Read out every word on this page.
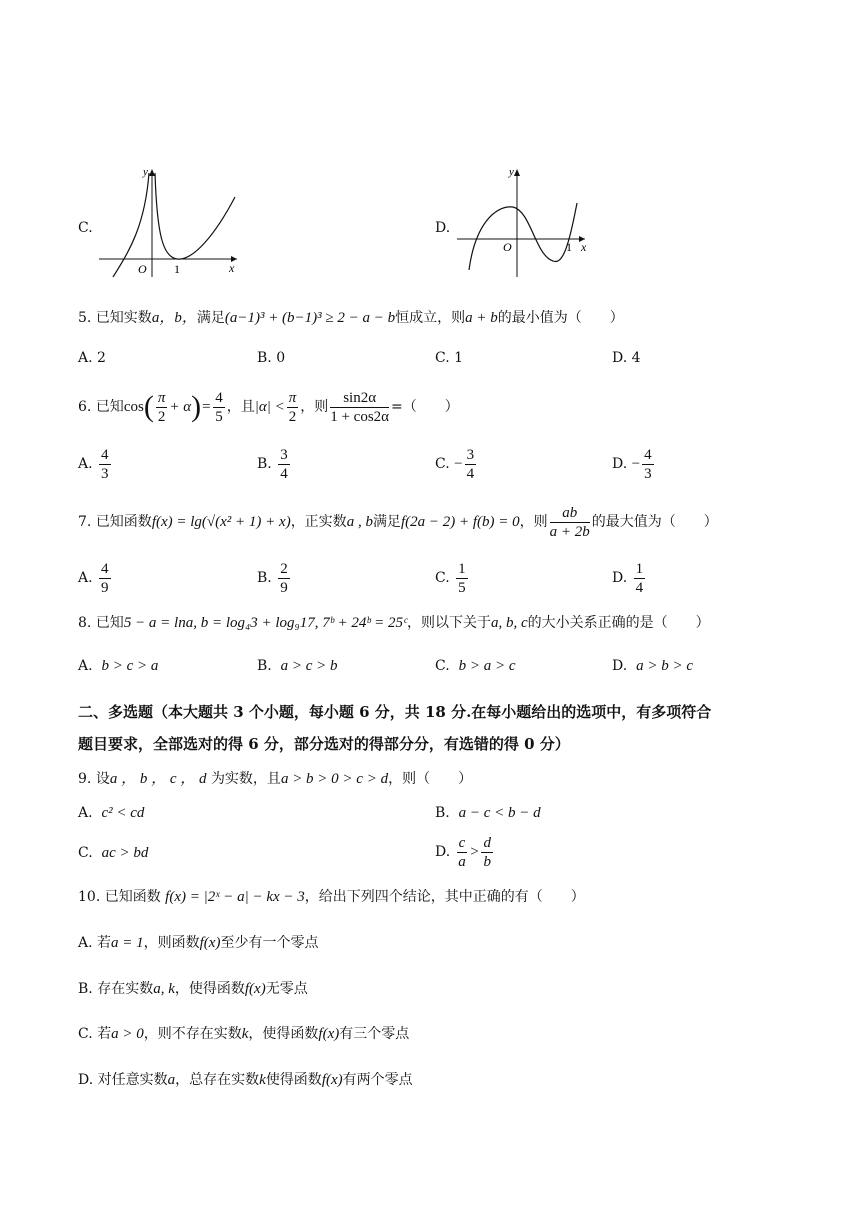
C.
y
x
O 1
D.
y
x
O	1
5. 已知实数a，b，满足(a−1)³ + (b−1)³ ≥ 2 − a − b恒成立，则a + b的最小值为（　　）
A. 2	B. 0	C. 1	D. 4
6.
已知 cos ( $\frac{\pi}{2} + \alpha$ ) = $\frac{4}{5}$ ，且 $|\alpha| < \frac{\pi}{2}$ ，则 $\frac{\sin 2\alpha}{1 + \cos 2\alpha}$ =（　　）
A.
$\frac{4}{3}$	B.
$\frac{3}{4}$	C.
− $\frac{3}{4}$	D.
− $\frac{4}{3}$
7.
已知函数 f(x) = lg(√(x² + 1) + x) ，正实数 a , b 满足 f(2a − 2) + f(b) = 0 ，则 $\frac{ab}{a + 2b}$ 的最大值为（　　）
A.
$\frac{4}{9}$	B.
$\frac{2}{9}$	C.
$\frac{1}{5}$	D.
$\frac{1}{4}$
8. 已知5 − a = lna, b = log₄3 + log₉17, 7ᵇ + 24ᵇ = 25ᶜ，则以下关于a, b, c的大小关系正确的是（　　）
A. b > c > a	B. a > c > b	C. b > a > c	D. a > b > c
二、多选题（本大题共 3 个小题，每小题 6 分，共 18 分.在每小题给出的选项中，有多项符合
题目要求，全部选对的得 6 分，部分选对的得部分分，有选错的得 0 分）
9. 设a ， b ， c ， d 为实数，且a > b > 0 > c > d，则（　　）
A. c² < cd	B. a − c < b − d
C. ac > bd	D.
$\frac{c}{a} > \frac{d}{b}$
10. 已知函数 f(x) = |2ˣ − a| − kx − 3，给出下列四个结论，其中正确的有（　　）
A. 若a = 1，则函数f(x)至少有一个零点
B. 存在实数a, k，使得函数f(x)无零点
C. 若a > 0，则不存在实数k，使得函数f(x)有三个零点
D. 对任意实数a，总存在实数k使得函数f(x)有两个零点
